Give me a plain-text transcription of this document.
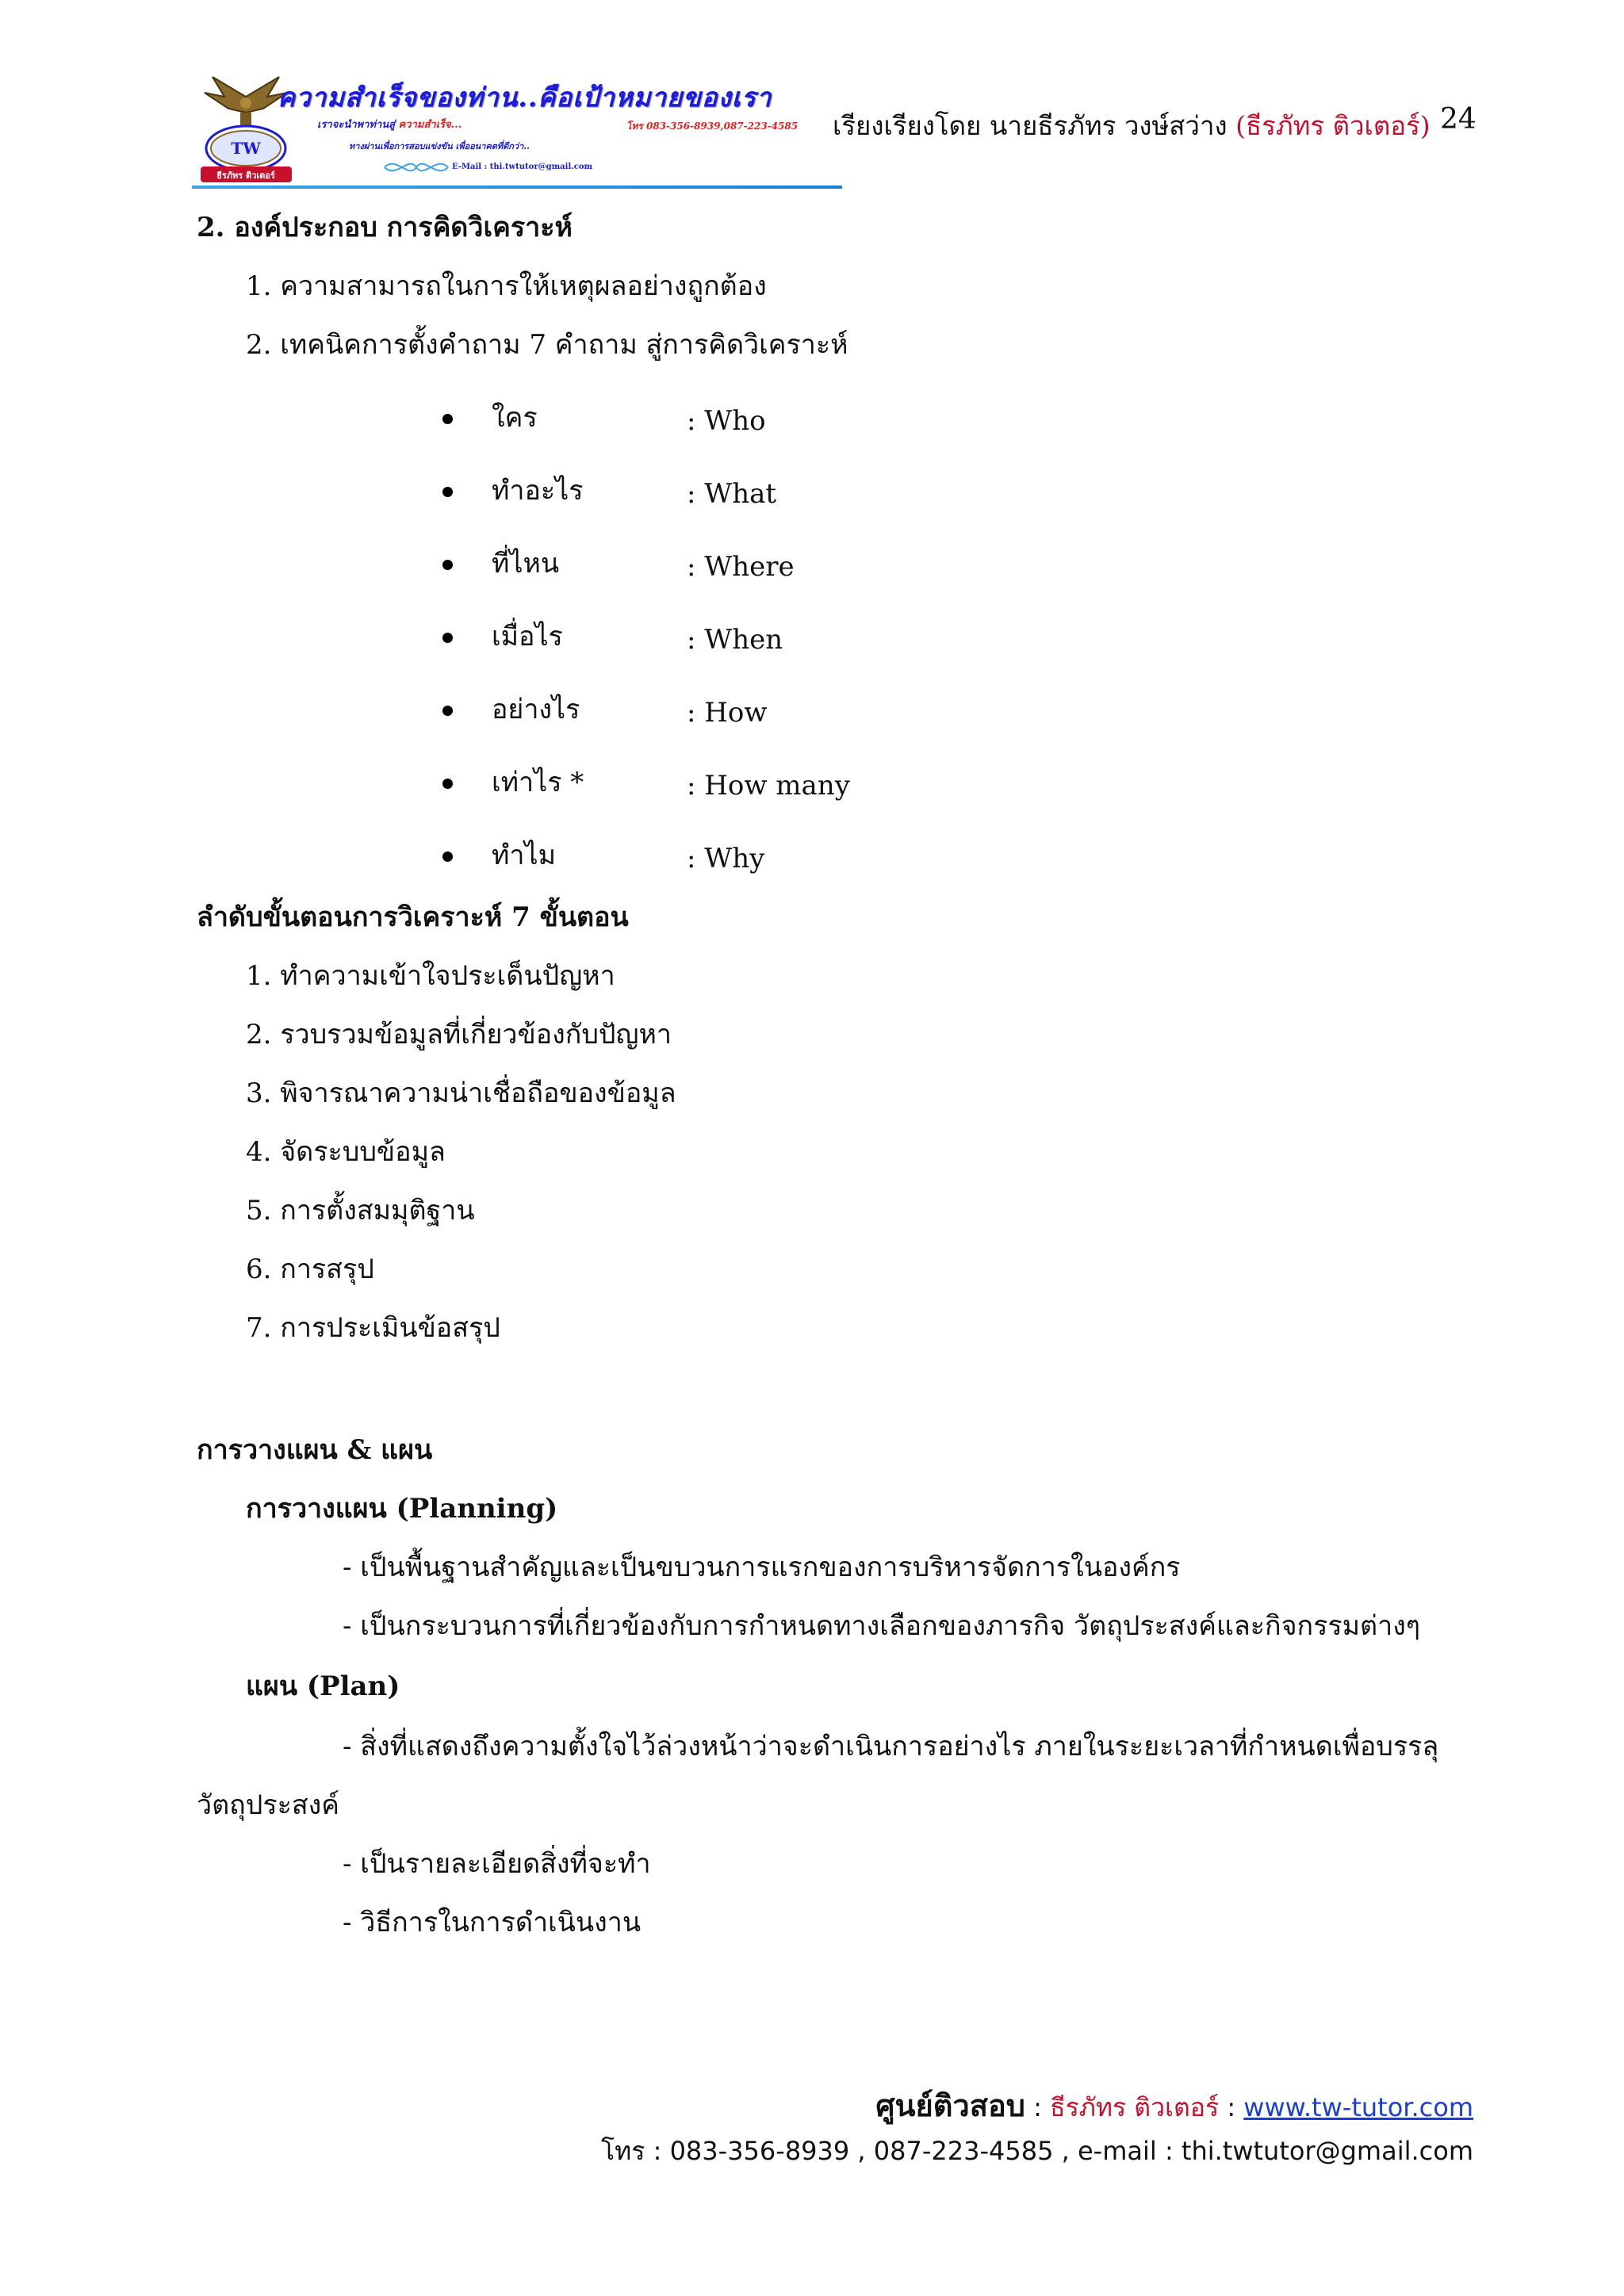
TW
ธีรภัทร ติวเตอร์
ความสำเร็จของท่าน..คือเป้าหมายของเรา
เราจะนำพาท่านสู่ ความสำเร็จ...
ทางผ่านเพื่อการสอบแข่งขัน เพื่ออนาคตที่ดีกว่า..
โทร 083-356-8939,087-223-4585
E-Mail : thi.twtutor@gmail.com
เรียงเรียงโดย นายธีรภัทร วงษ์สว่าง (ธีรภัทร ติวเตอร์) 24
2. องค์ประกอบ การคิดวิเคราะห์
1. ความสามารถในการให้เหตุผลอย่างถูกต้อง
2. เทคนิคการตั้งคำถาม 7 คำถาม สู่การคิดวิเคราะห์
ใคร	: Who
ทำอะไร	: What
ที่ไหน	: Where
เมื่อไร	: When
อย่างไร	: How
เท่าไร *	: How many
ทำไม	: Why
ลำดับขั้นตอนการวิเคราะห์ 7 ขั้นตอน
1. ทำความเข้าใจประเด็นปัญหา
2. รวบรวมข้อมูลที่เกี่ยวข้องกับปัญหา
3. พิจารณาความน่าเชื่อถือของข้อมูล
4. จัดระบบข้อมูล
5. การตั้งสมมุติฐาน
6. การสรุป
7. การประเมินข้อสรุป
การวางแผน & แผน
การวางแผน (Planning)
- เป็นพื้นฐานสำคัญและเป็นขบวนการแรกของการบริหารจัดการในองค์กร
- เป็นกระบวนการที่เกี่ยวข้องกับการกำหนดทางเลือกของภารกิจ วัตถุประสงค์และกิจกรรมต่างๆ
แผน (Plan)
- สิ่งที่แสดงถึงความตั้งใจไว้ล่วงหน้าว่าจะดำเนินการอย่างไร ภายในระยะเวลาที่กำหนดเพื่อบรรลุ
วัตถุประสงค์
- เป็นรายละเอียดสิ่งที่จะทำ
- วิธีการในการดำเนินงาน
ศูนย์ติวสอบ : ธีรภัทร ติวเตอร์ : www.tw-tutor.com
โทร : 083-356-8939 , 087-223-4585 , e-mail : thi.twtutor@gmail.com
